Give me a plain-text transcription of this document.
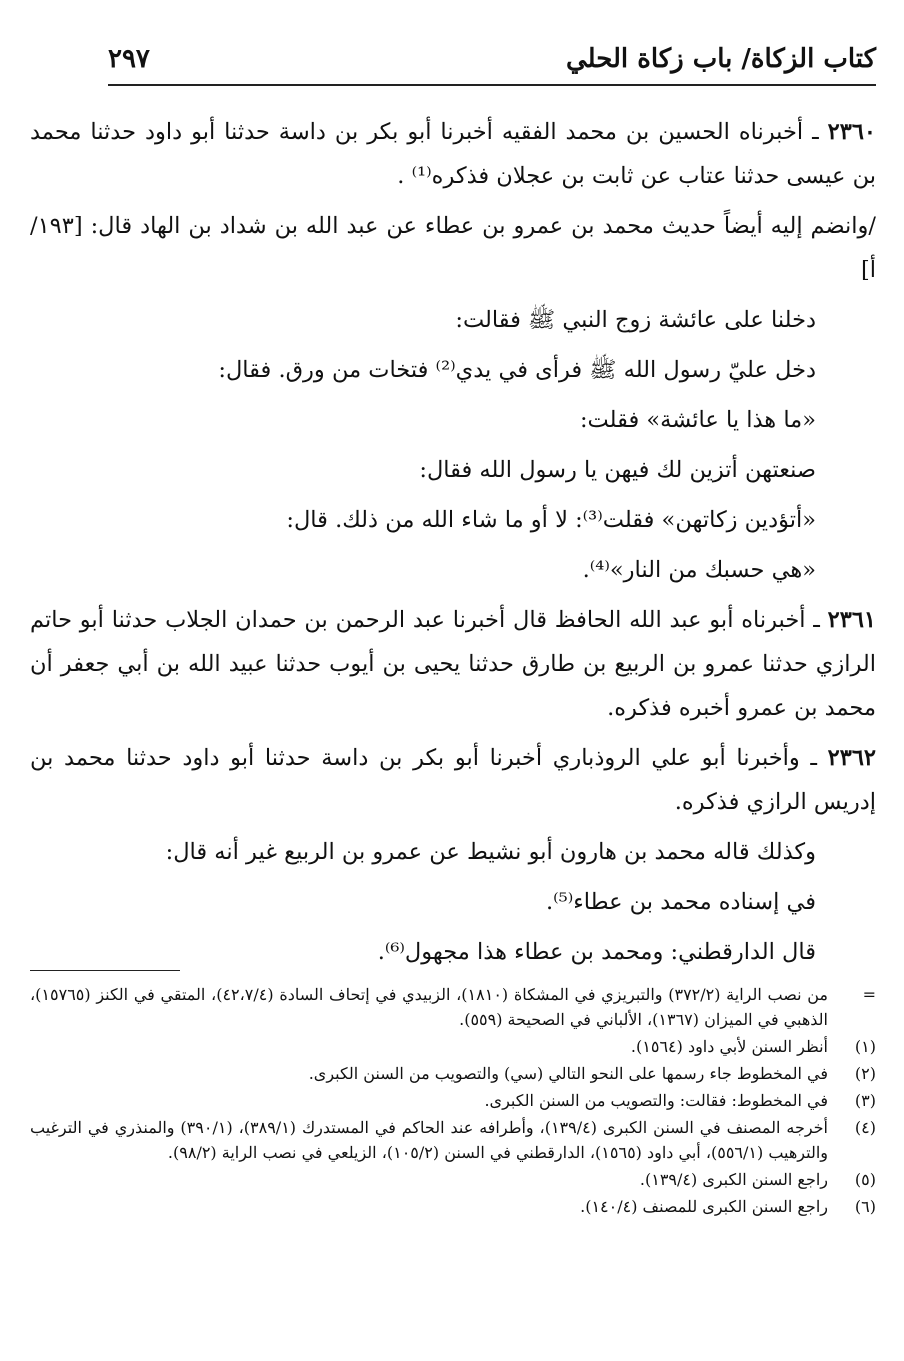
كتاب الزكاة/ باب زكاة الحلي
٢٩٧

٢٣٦٠ ـ أخبرناه الحسين بن محمد الفقيه أخبرنا أبو بكر بن داسة حدثنا أبو داود حدثنا محمد بن عيسى حدثنا عتاب عن ثابت بن عجلان فذكره⁽¹⁾ .

/وانضم إليه أيضاً حديث محمد بن عمرو بن عطاء عن عبد الله بن شداد بن الهاد قال: [١٩٣/ أ]

دخلنا على عائشة زوج النبي ﷺ فقالت:

دخل عليّ رسول الله ﷺ فرأى في يدي⁽²⁾ فتخات من ورق. فقال:

«ما هذا يا عائشة» فقلت:

صنعتهن أتزين لك فيهن يا رسول الله فقال:

«أتؤدين زكاتهن» فقلت⁽³⁾: لا أو ما شاء الله من ذلك. قال:

«هي حسبك من النار»⁽⁴⁾.

٢٣٦١ ـ أخبرناه أبو عبد الله الحافظ قال أخبرنا عبد الرحمن بن حمدان الجلاب حدثنا أبو حاتم الرازي حدثنا عمرو بن الربيع بن طارق حدثنا يحيى بن أيوب حدثنا عبيد الله بن أبي جعفر أن محمد بن عمرو أخبره فذكره.

٢٣٦٢ ـ وأخبرنا أبو علي الروذباري أخبرنا أبو بكر بن داسة حدثنا أبو داود حدثنا محمد بن إدريس الرازي فذكره.

وكذلك قاله محمد بن هارون أبو نشيط عن عمرو بن الربيع غير أنه قال:

في إسناده محمد بن عطاء⁽⁵⁾.

قال الدارقطني: ومحمد بن عطاء هذا مجهول⁽⁶⁾.

=
من نصب الراية (٣٧٢/٢) والتبريزي في المشكاة (١٨١٠)، الزبيدي في إتحاف السادة (٤٢،٧/٤)، المتقي في الكنز (١٥٧٦٥)، الذهبي في الميزان (١٣٦٧)، الألباني في الصحيحة (٥٥٩).
(١)
أنظر السنن لأبي داود (١٥٦٤).
(٢)
في المخطوط جاء رسمها على النحو التالي (سي) والتصويب من السنن الكبرى.
(٣)
في المخطوط: فقالت: والتصويب من السنن الكبرى.
(٤)
أخرجه المصنف في السنن الكبرى (١٣٩/٤)، وأطرافه عند الحاكم في المستدرك (٣٨٩/١)، (٣٩٠/١) والمنذري في الترغيب والترهيب (٥٥٦/١)، أبي داود (١٥٦٥)، الدارقطني في السنن (١٠٥/٢)، الزيلعي في نصب الراية (٩٨/٢).
(٥)
راجع السنن الكبرى (١٣٩/٤).
(٦)
راجع السنن الكبرى للمصنف (١٤٠/٤).
